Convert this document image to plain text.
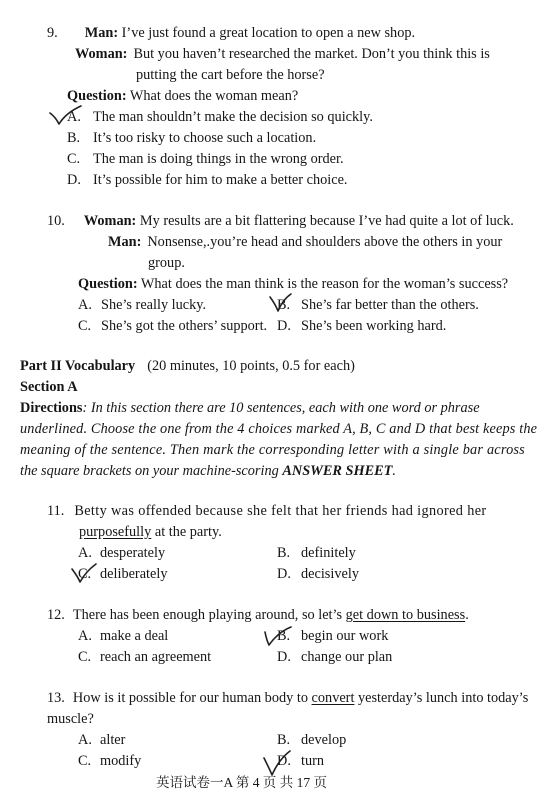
9. Man: I’ve just found a great location to open a new shop.
Woman: But you haven’t researched the market. Don’t you think this is
putting the cart before the horse?
Question: What does the woman mean?
A. The man shouldn’t make the decision so quickly.
B. It’s too risky to choose such a location.
C. The man is doing things in the wrong order.
D. It’s possible for him to make a better choice.
10. Woman: My results are a bit flattering because I’ve had quite a lot of luck.
Man: Nonsense,.you’re head and shoulders above the others in your
group.
Question: What does the man think is the reason for the woman’s success?
A. She’s really lucky.	B. She’s far better than the others.
C. She’s got the others’ support. D. She’s been working hard.
Part II Vocabulary (20 minutes, 10 points, 0.5 for each)
Section A
Directions : In this section there are 10 sentences, each with one word or phrase
underlined. Choose the one from the 4 choices marked A, B, C and D that best keeps the
meaning of the sentence. Then mark the corresponding letter with a single bar across
the square brackets on your machine-scoring ANSWER SHEET.
11. Betty was offended because she felt that her friends had ignored her
purposefully at the party.
A. desperately	B. definitely
C. deliberately	D. decisively
12. There has been enough playing around, so let’s get down to business.
A. make a deal	B. begin our work
C. reach an agreement	D. change our plan
13. How is it possible for our human body to convert yesterday’s lunch into today’s
muscle?
A. alter	B. develop
C. modify	D. turn
英语试卷一A 第 4 页 共 17 页
